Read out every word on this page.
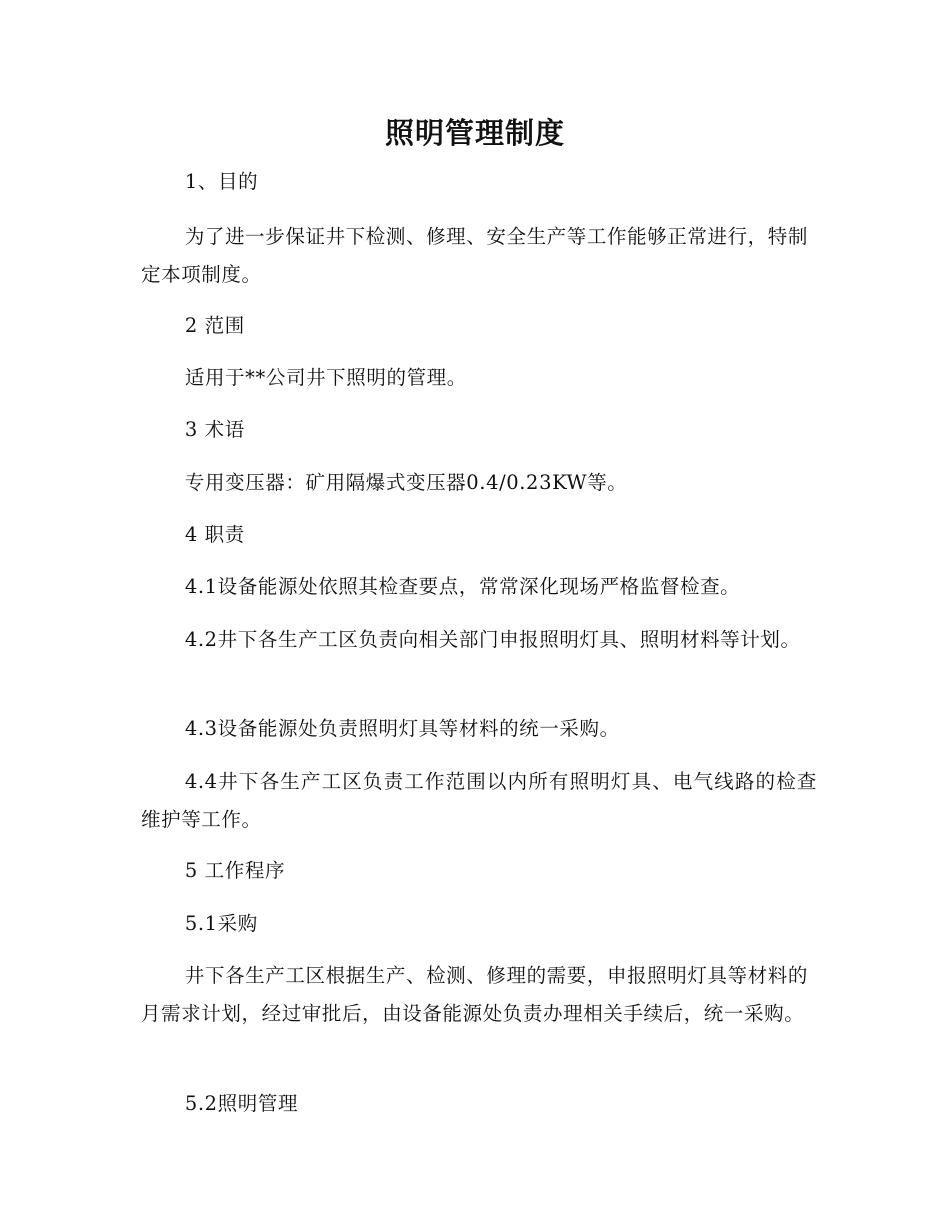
照明管理制度

1、目的

为了进一步保证井下检测、修理、安全生产等工作能够正常进行，特制定本项制度。

2 范围

适用于**公司井下照明的管理。

3 术语

专用变压器：矿用隔爆式变压器0.4/0.23KW等。

4 职责

4.1设备能源处依照其检查要点，常常深化现场严格监督检查。

4.2井下各生产工区负责向相关部门申报照明灯具、照明材料等计划。

4.3设备能源处负责照明灯具等材料的统一采购。

4.4井下各生产工区负责工作范围以内所有照明灯具、电气线路的检查维护等工作。

5 工作程序

5.1采购

井下各生产工区根据生产、检测、修理的需要，申报照明灯具等材料的月需求计划，经过审批后，由设备能源处负责办理相关手续后，统一采购。

5.2照明管理
